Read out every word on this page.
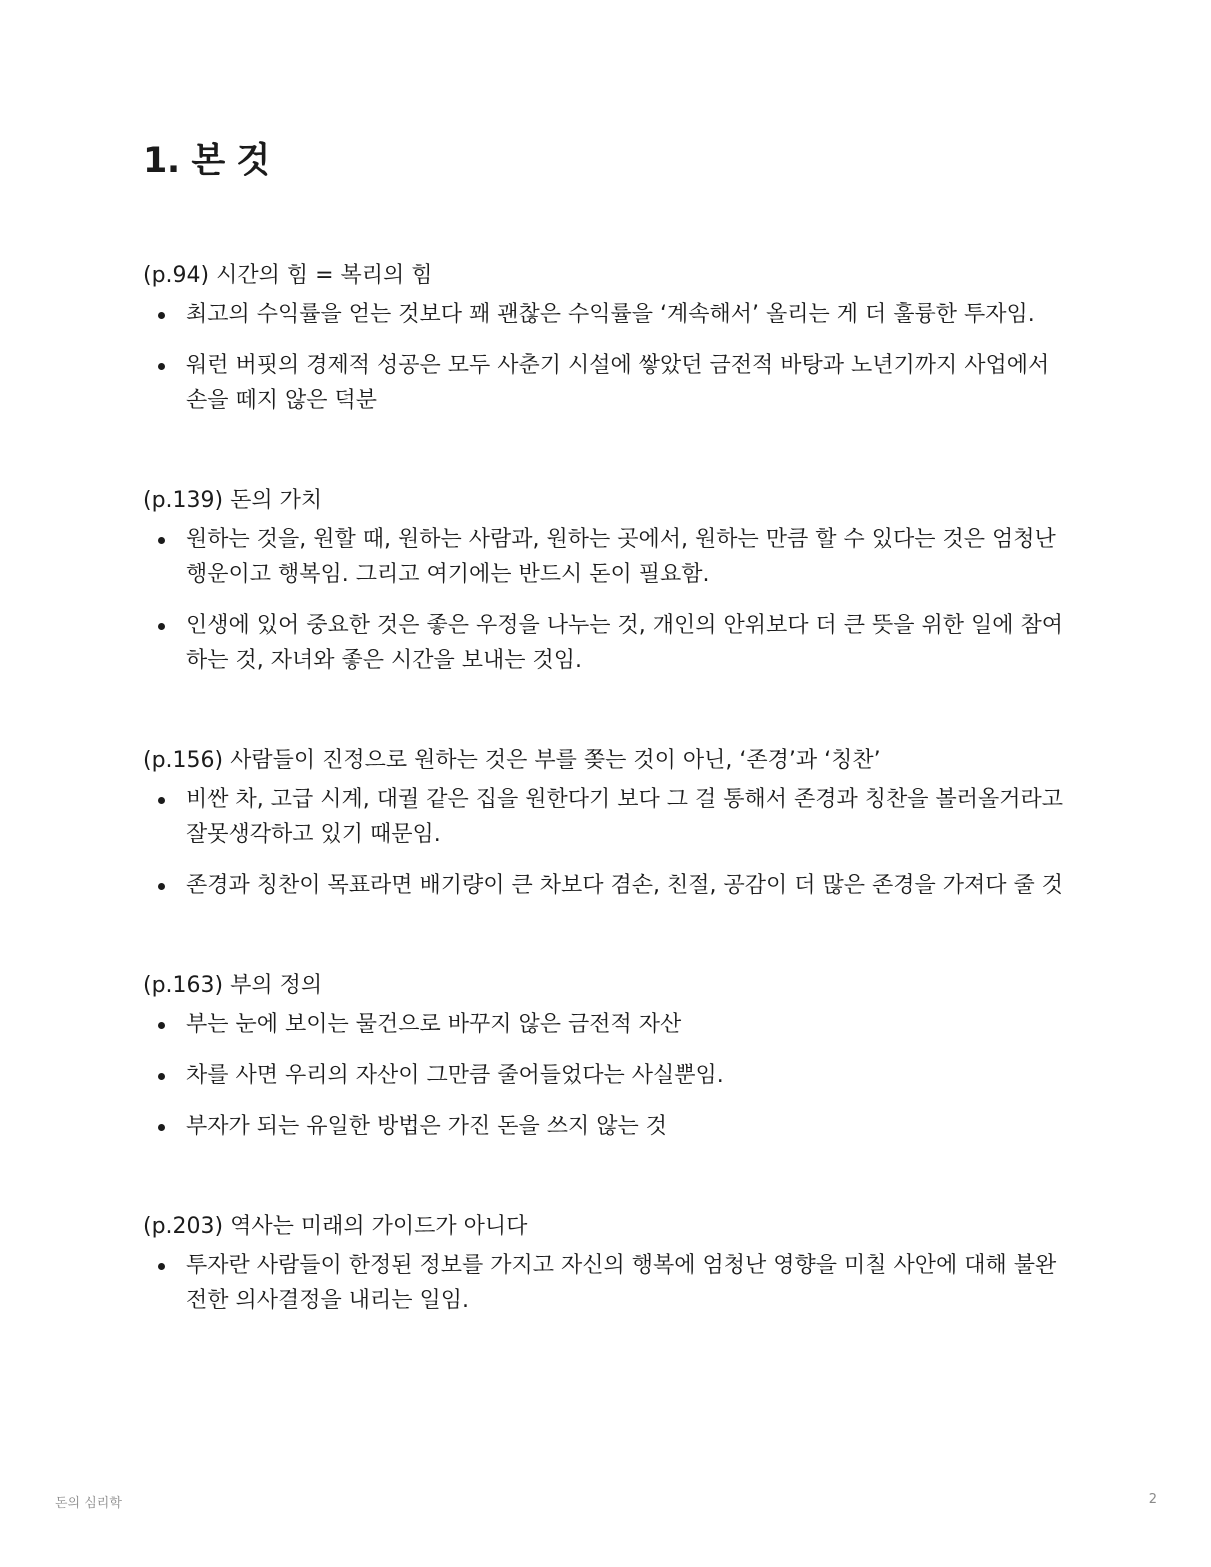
1. 본 것
(p.94) 시간의 힘 = 복리의 힘
최고의 수익률을 얻는 것보다 꽤 괜찮은 수익률을 ‘계속해서’ 올리는 게 더 훌륭한 투자임.
워런 버핏의 경제적 성공은 모두 사춘기 시설에 쌓았던 금전적 바탕과 노년기까지 사업에서 손을 떼지 않은 덕분
(p.139) 돈의 가치
원하는 것을, 원할 때, 원하는 사람과, 원하는 곳에서, 원하는 만큼 할 수 있다는 것은 엄청난 행운이고 행복임. 그리고 여기에는 반드시 돈이 필요함.
인생에 있어 중요한 것은 좋은 우정을 나누는 것, 개인의 안위보다 더 큰 뜻을 위한 일에 참여하는 것, 자녀와 좋은 시간을 보내는 것임.
(p.156) 사람들이 진정으로 원하는 것은 부를 쫒는 것이 아닌, ‘존경’과 ‘칭찬’
비싼 차, 고급 시계, 대궐 같은 집을 원한다기 보다 그 걸 통해서 존경과 칭찬을 볼러올거라고 잘못생각하고 있기 때문임.
존경과 칭찬이 목표라면 배기량이 큰 차보다 겸손, 친절, 공감이 더 많은 존경을 가져다 줄 것
(p.163) 부의 정의
부는 눈에 보이는 물건으로 바꾸지 않은 금전적 자산
차를 사면 우리의 자산이 그만큼 줄어들었다는 사실뿐임.
부자가 되는 유일한 방법은 가진 돈을 쓰지 않는 것
(p.203) 역사는 미래의 가이드가 아니다
투자란 사람들이 한정된 정보를 가지고 자신의 행복에 엄청난 영향을 미칠 사안에 대해 불완전한 의사결정을 내리는 일임.
돈의 심리학	2
